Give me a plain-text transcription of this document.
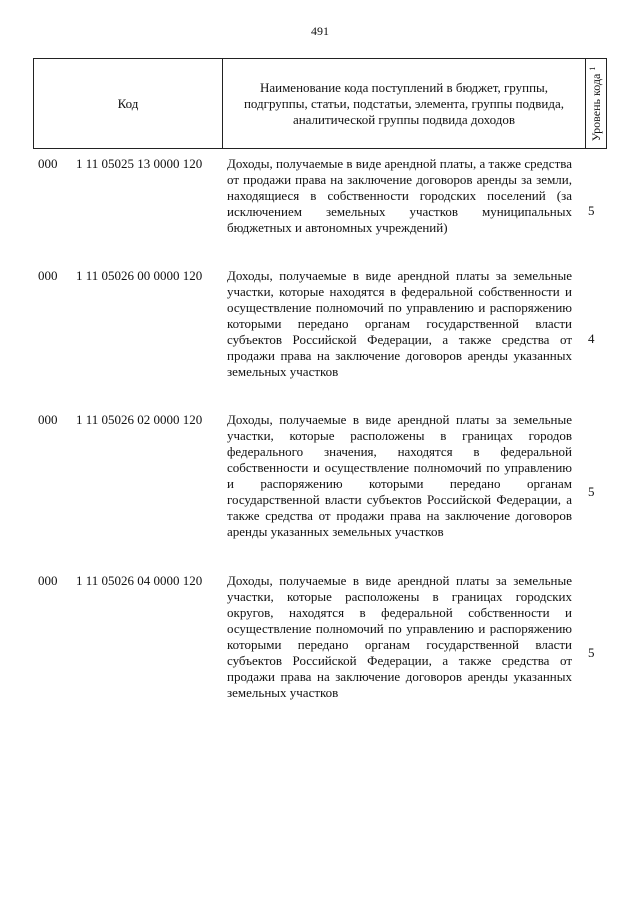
491
Код
Наименование кода поступлений в бюджет, группы, подгруппы, статьи, подстатьи, элемента, группы подвида, аналитической группы подвида доходов	Уровень кода $^1$
000 1 11 05025 13 0000 120 Доходы, получаемые в виде арендной платы, а также средства от продажи права на заключение договоров аренды за земли, находящиеся в собственности городских поселений (за исключением земельных участков муниципальных бюджетных и автономных учреждений)
5
000 1 11 05026 00 0000 120 Доходы, получаемые в виде арендной платы за земельные участки, которые находятся в федеральной собственности и осуществление полномочий по управлению и распоряжению которыми передано органам государственной власти субъектов Российской Федерации, а также средства от продажи права на заключение договоров аренды указанных земельных участков
4
000 1 11 05026 02 0000 120 Доходы, получаемые в виде арендной платы за земельные участки, которые расположены в границах городов федерального значения, находятся в федеральной собственности и осуществление полномочий по управлению и распоряжению которыми передано органам государственной власти субъектов Российской Федерации, а также средства от продажи права на заключение договоров аренды указанных земельных участков
5
000 1 11 05026 04 0000 120 Доходы, получаемые в виде арендной платы за земельные участки, которые расположены в границах городских округов, находятся в федеральной собственности и осуществление полномочий по управлению и распоряжению которыми передано органам государственной власти субъектов Российской Федерации, а также средства от продажи права на заключение договоров аренды указанных земельных участков
5
